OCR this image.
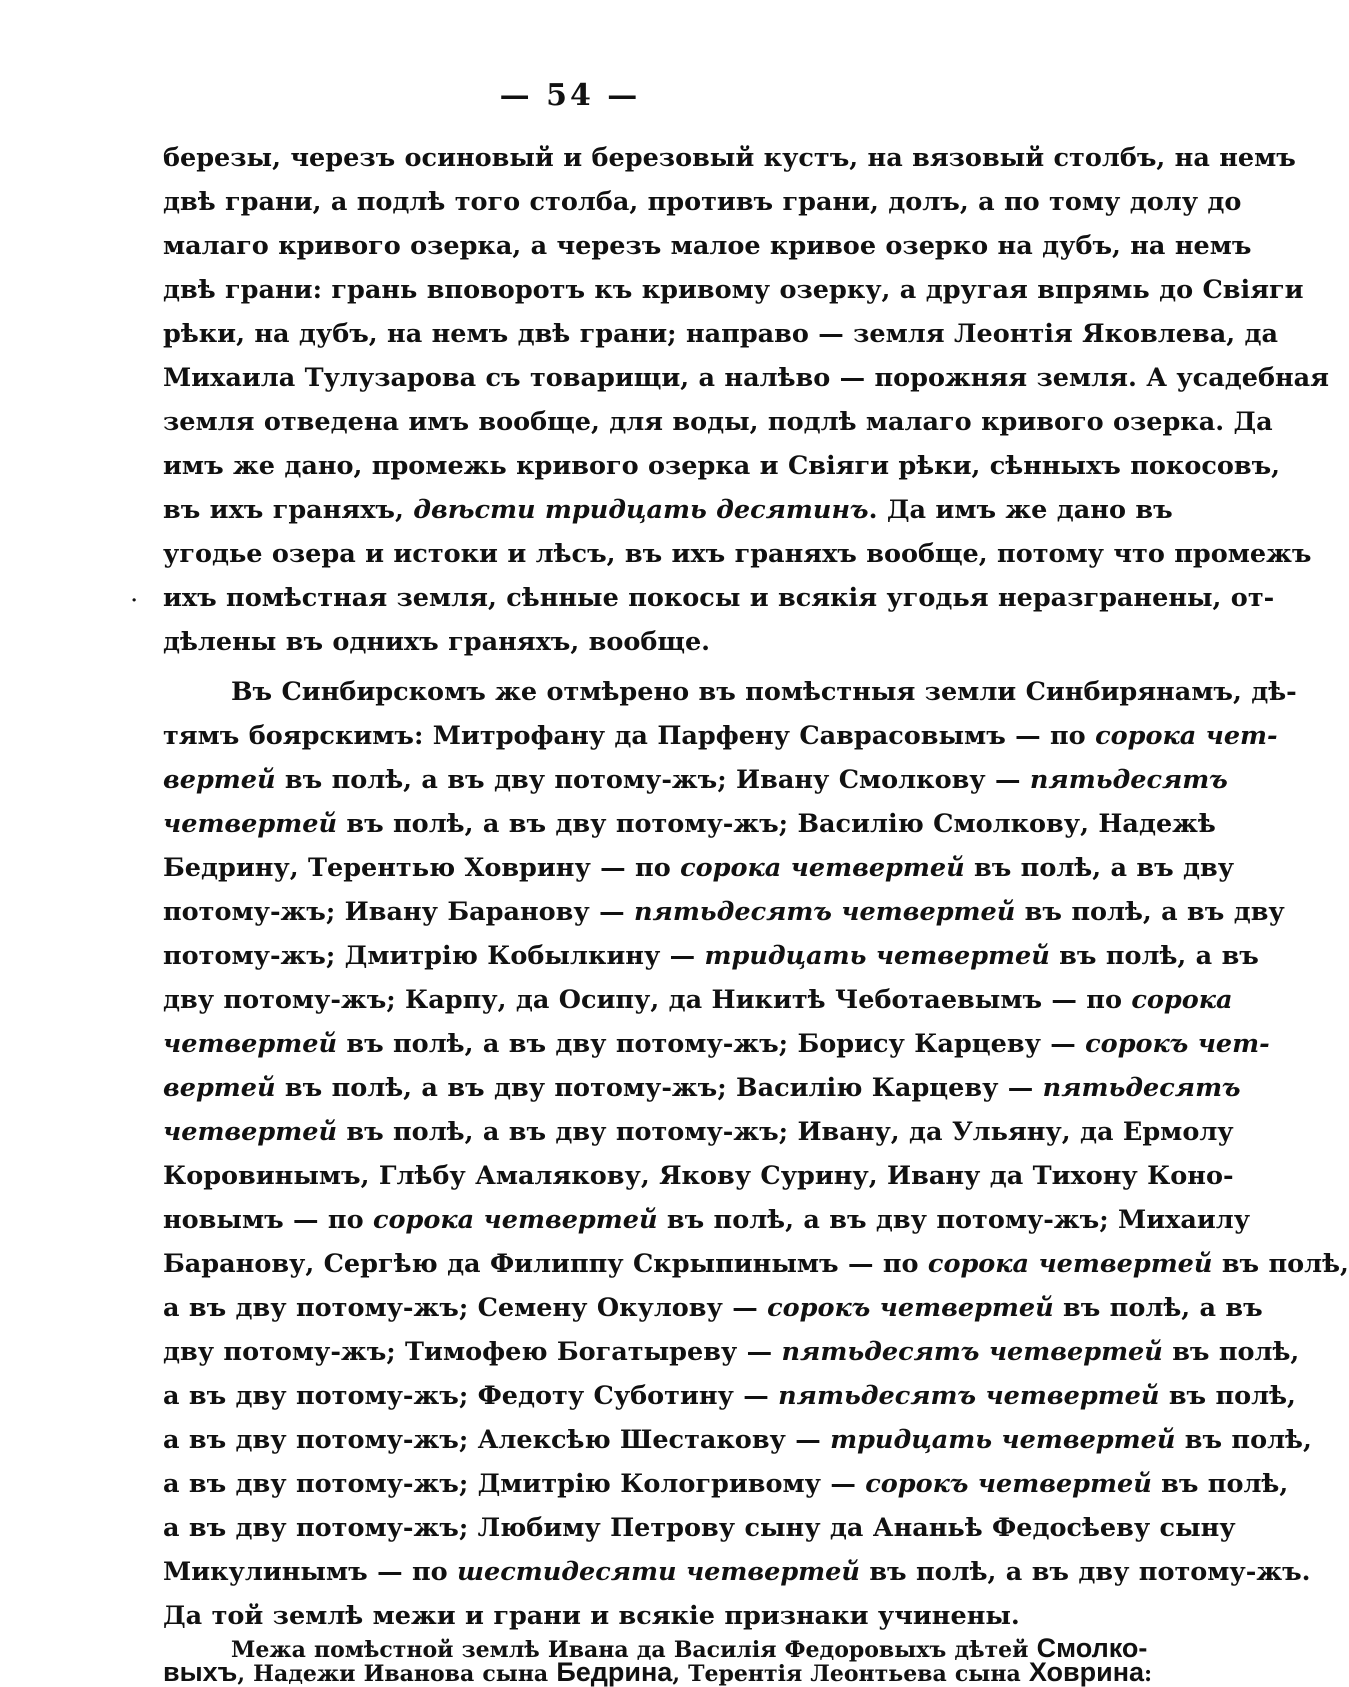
— 54 —
·
березы, черезъ осиновый и березовый кустъ, на вязовый столбъ, на немъ
двѣ грани, а подлѣ того столба, противъ грани, долъ, а по тому долу до
малаго кривого озерка, а черезъ малое кривое озерко на дубъ, на немъ
двѣ грани: грань вповоротъ къ кривому озерку, а другая впрямь до Свіяги
рѣки, на дубъ, на немъ двѣ грани; направо — земля Леонтія Яковлева, да
Михаила Тулузарова съ товарищи, а налѣво — порожняя земля. А усадебная
земля отведена имъ вообще, для воды, подлѣ малаго кривого озерка. Да
имъ же дано, промежь кривого озерка и Свіяги рѣки, сѣнныхъ покосовъ,
въ ихъ граняхъ, двѣсти тридцать десятинъ. Да имъ же дано въ
угодье озера и истоки и лѣсъ, въ ихъ граняхъ вообще, потому что промежъ
ихъ помѣстная земля, сѣнные покосы и всякія угодья неразгранены, от-
дѣлены въ однихъ граняхъ, вообще.
Въ Синбирскомъ же отмѣрено въ помѣстныя земли Синбирянамъ, дѣ-
тямъ боярскимъ: Митрофану да Парфену Саврасовымъ — по сорока чет-
вертей въ полѣ, а въ дву потому-жъ; Ивану Смолкову — пятьдесятъ
четвертей въ полѣ, а въ дву потому-жъ; Василію Смолкову, Надежѣ
Бедрину, Терентью Ховрину — по сорока четвертей въ полѣ, а въ дву
потому-жъ; Ивану Баранову — пятьдесятъ четвертей въ полѣ, а въ дву
потому-жъ; Дмитрію Кобылкину — тридцать четвертей въ полѣ, а въ
дву потому-жъ; Карпу, да Осипу, да Никитѣ Чеботаевымъ — по сорока
четвертей въ полѣ, а въ дву потому-жъ; Борису Карцеву — сорокъ чет-
вертей въ полѣ, а въ дву потому-жъ; Василію Карцеву — пятьдесятъ
четвертей въ полѣ, а въ дву потому-жъ; Ивану, да Ульяну, да Ермолу
Коровинымъ, Глѣбу Амалякову, Якову Сурину, Ивану да Тихону Коно-
новымъ — по сорока четвертей въ полѣ, а въ дву потому-жъ; Михаилу
Баранову, Сергѣю да Филиппу Скрыпинымъ — по сорока четвертей въ полѣ,
а въ дву потому-жъ; Семену Окулову — сорокъ четвертей въ полѣ, а въ
дву потому-жъ; Тимофею Богатыреву — пятьдесятъ четвертей въ полѣ,
а въ дву потому-жъ; Федоту Суботину — пятьдесятъ четвертей въ полѣ,
а въ дву потому-жъ; Алексѣю Шестакову — тридцать четвертей въ полѣ,
а въ дву потому-жъ; Дмитрію Кологривому — сорокъ четвертей въ полѣ,
а въ дву потому-жъ; Любиму Петрову сыну да Ананьѣ Федосѣеву сыну
Микулинымъ — по шестидесяти четвертей въ полѣ, а въ дву потому-жъ.
Да той землѣ межи и грани и всякіе признаки учинены.
Межа помѣстной землѣ Ивана да Василія Федоровыхъ дѣтей Смолко-
выхъ, Надежи Иванова сына Бедрина, Терентія Леонтьева сына Ховрина:
